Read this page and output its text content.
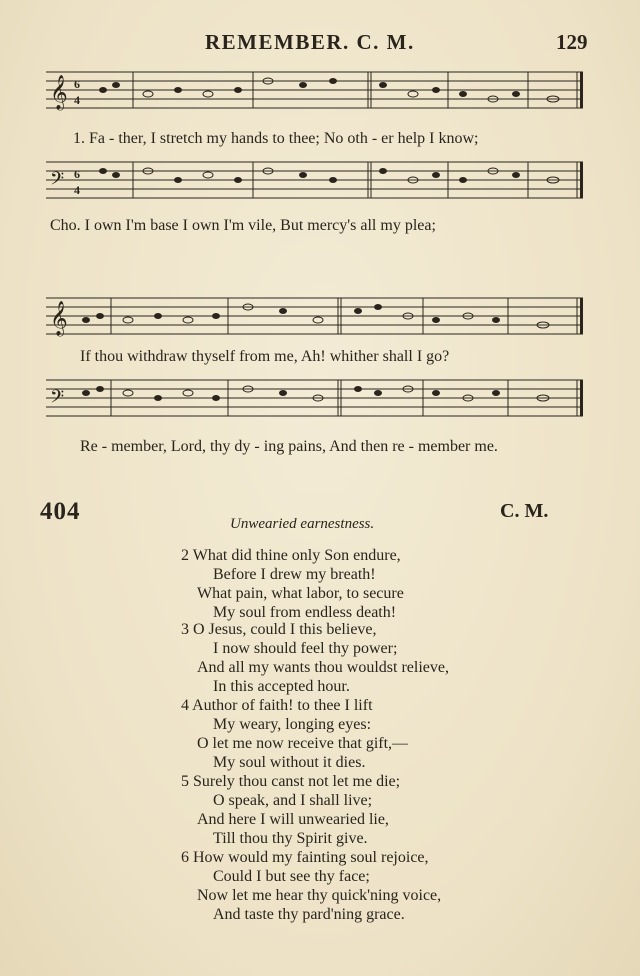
REMEMBER. C. M.	129
𝄞 6
4
1. Fa - ther, I stretch my hands to thee; No oth - er help I know;
𝄢 6
4
Cho. I own I'm base I own I'm vile, But mercy's all my plea;
𝄞
If thou withdraw thyself from me, Ah! whither shall I go?
𝄢
Re - member, Lord, thy dy - ing pains, And then re - member me.
404	C. M.
Unwearied earnestness.
2 What did thine only Son endure,
Before I drew my breath!
What pain, what labor, to secure
My soul from endless death!
3 O Jesus, could I this believe,
I now should feel thy power;
And all my wants thou wouldst relieve,
In this accepted hour.
4 Author of faith! to thee I lift
My weary, longing eyes:
O let me now receive that gift,—
My soul without it dies.
5 Surely thou canst not let me die;
O speak, and I shall live;
And here I will unwearied lie,
Till thou thy Spirit give.
6 How would my fainting soul rejoice,
Could I but see thy face;
Now let me hear thy quick'ning voice,
And taste thy pard'ning grace.
